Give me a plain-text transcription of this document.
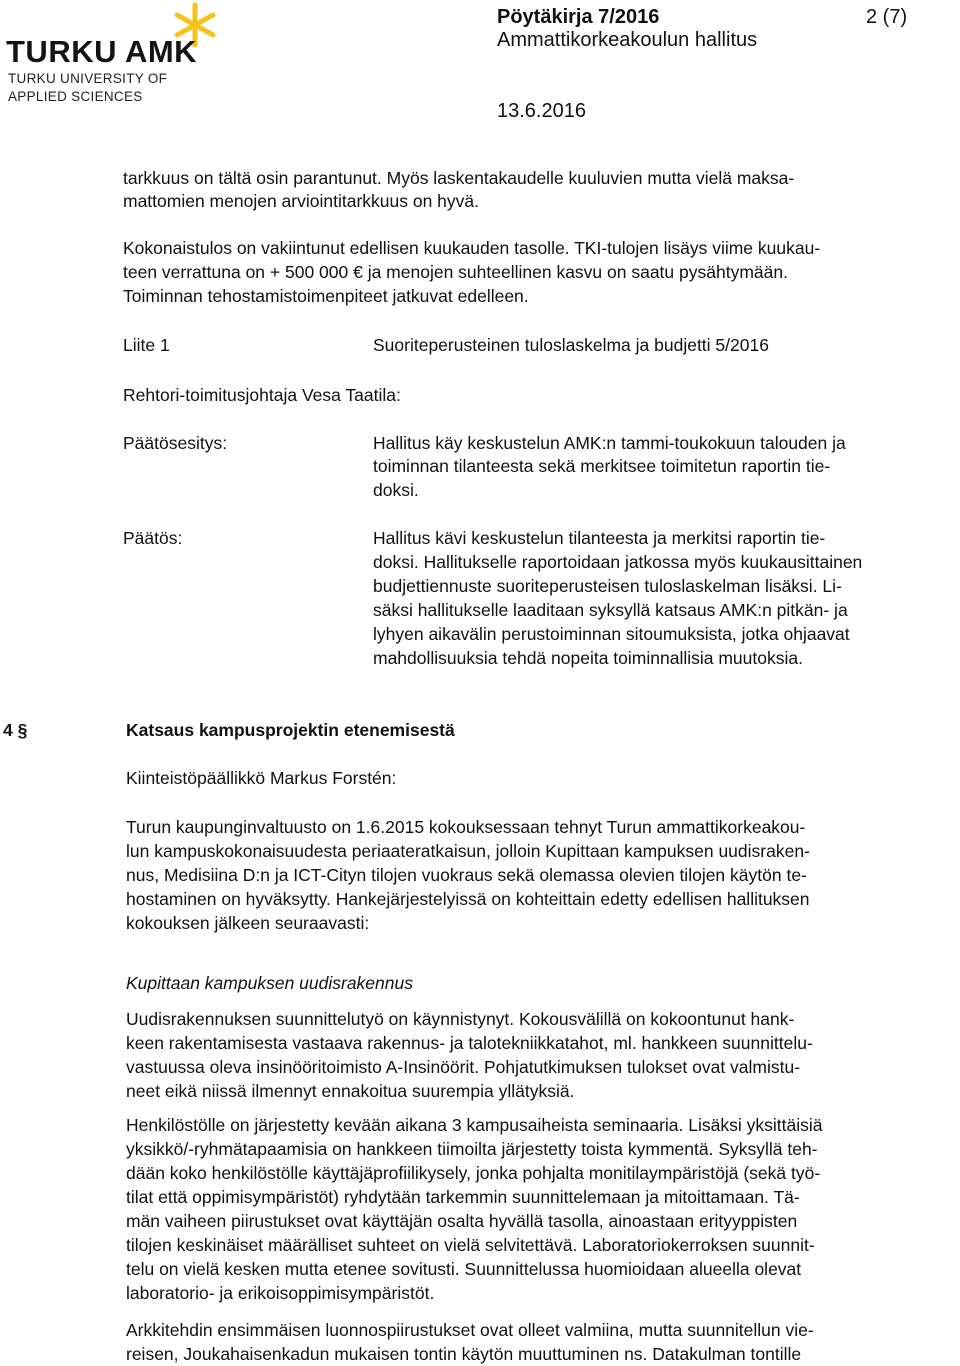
TURKU AMK
TURKU UNIVERSITY OF
APPLIED SCIENCES
Pöytäkirja 7/2016	2 (7)
Ammattikorkeakoulun hallitus
13.6.2016
tarkkuus on tältä osin parantunut. Myös laskentakaudelle kuuluvien mutta vielä maksa-
mattomien menojen arviointitarkkuus on hyvä.
Kokonaistulos on vakiintunut edellisen kuukauden tasolle. TKI-tulojen lisäys viime kuukau-
teen verrattuna on + 500 000 € ja menojen suhteellinen kasvu on saatu pysähtymään.
Toiminnan tehostamistoimenpiteet jatkuvat edelleen.
Liite 1	Suoriteperusteinen tuloslaskelma ja budjetti 5/2016
Rehtori-toimitusjohtaja Vesa Taatila:
Päätösesitys:	Hallitus käy keskustelun AMK:n tammi-toukokuun talouden ja
toiminnan tilanteesta sekä merkitsee toimitetun raportin tie-
doksi.
Päätös:	Hallitus kävi keskustelun tilanteesta ja merkitsi raportin tie-
doksi. Hallitukselle raportoidaan jatkossa myös kuukausittainen
budjettiennuste suoriteperusteisen tuloslaskelman lisäksi. Li-
säksi hallitukselle laaditaan syksyllä katsaus AMK:n pitkän- ja
lyhyen aikavälin perustoiminnan sitoumuksista, jotka ohjaavat
mahdollisuuksia tehdä nopeita toiminnallisia muutoksia.
4 §	Katsaus kampusprojektin etenemisestä
Kiinteistöpäällikkö Markus Forstén:
Turun kaupunginvaltuusto on 1.6.2015 kokouksessaan tehnyt Turun ammattikorkeakou-
lun kampuskokonaisuudesta periaateratkaisun, jolloin Kupittaan kampuksen uudisraken-
nus, Medisiina D:n ja ICT-Cityn tilojen vuokraus sekä olemassa olevien tilojen käytön te-
hostaminen on hyväksytty. Hankejärjestelyissä on kohteittain edetty edellisen hallituksen
kokouksen jälkeen seuraavasti:
Kupittaan kampuksen uudisrakennus
Uudisrakennuksen suunnittelutyö on käynnistynyt. Kokousvälillä on kokoontunut hank-
keen rakentamisesta vastaava rakennus- ja talotekniikkatahot, ml. hankkeen suunnittelu-
vastuussa oleva insinööritoimisto A-Insinöörit. Pohjatutkimuksen tulokset ovat valmistu-
neet eikä niissä ilmennyt ennakoitua suurempia yllätyksiä.
Henkilöstölle on järjestetty kevään aikana 3 kampusaiheista seminaaria. Lisäksi yksittäisiä
yksikkö/-ryhmätapaamisia on hankkeen tiimoilta järjestetty toista kymmentä. Syksyllä teh-
dään koko henkilöstölle käyttäjäprofiilikysely, jonka pohjalta monitilaympäristöjä (sekä työ-
tilat että oppimisympäristöt) ryhdytään tarkemmin suunnittelemaan ja mitoittamaan. Tä-
män vaiheen piirustukset ovat käyttäjän osalta hyvällä tasolla, ainoastaan erityyppisten
tilojen keskinäiset määrälliset suhteet on vielä selvitettävä. Laboratoriokerroksen suunnit-
telu on vielä kesken mutta etenee sovitusti. Suunnittelussa huomioidaan alueella olevat
laboratorio- ja erikoisoppimisympäristöt.
Arkkitehdin ensimmäisen luonnospiirustukset ovat olleet valmiina, mutta suunnitellun vie-
reisen, Joukahaisenkadun mukaisen tontin käytön muuttuminen ns. Datakulman tontille
